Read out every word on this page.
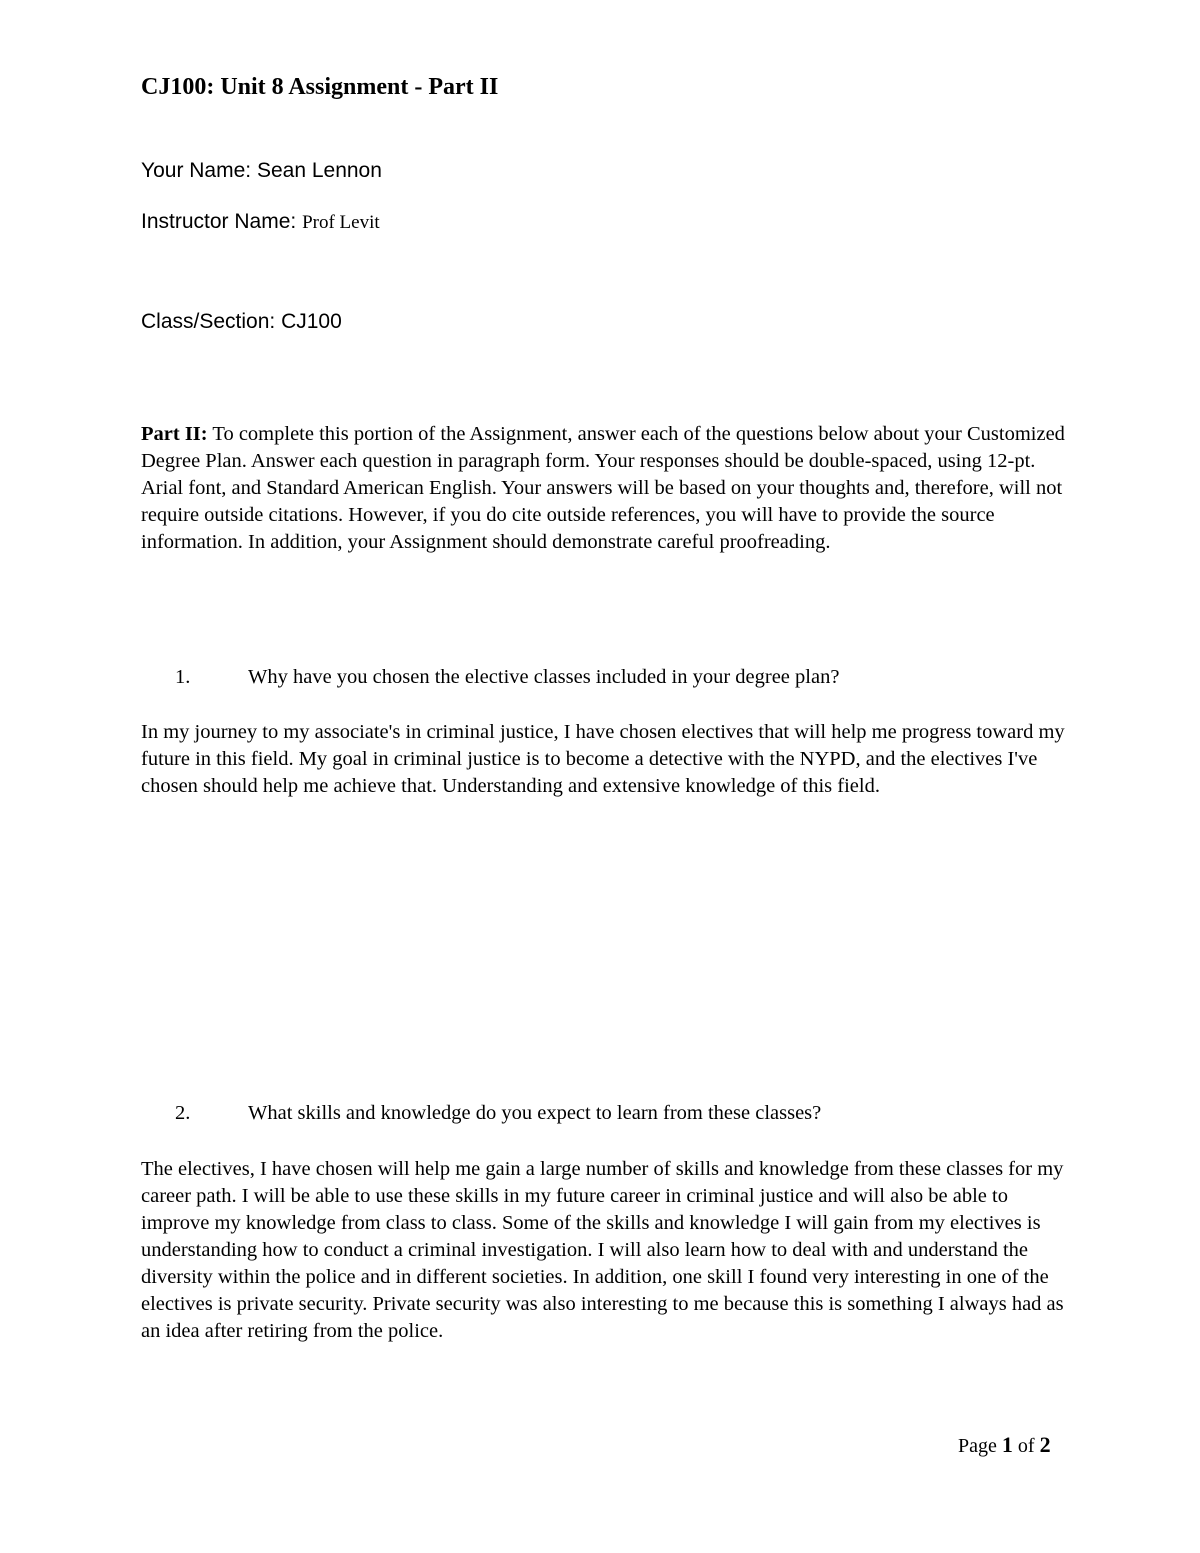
CJ100: Unit 8 Assignment - Part II
Your Name: Sean Lennon
Instructor Name: Prof Levit
Class/Section: CJ100

Part II: To complete this portion of the Assignment, answer each of the questions below about your Customized Degree Plan. Answer each question in paragraph form. Your responses should be double-spaced, using 12-pt. Arial font, and Standard American English. Your answers will be based on your thoughts and, therefore, will not require outside citations. However, if you do cite outside references, you will have to provide the source information. In addition, your Assignment should demonstrate careful proofreading.

1.	Why have you chosen the elective classes included in your degree plan?

In my journey to my associate's in criminal justice, I have chosen electives that will help me progress toward my future in this field. My goal in criminal justice is to become a detective with the NYPD, and the electives I've chosen should help me achieve that. Understanding and extensive knowledge of this field.

2.	What skills and knowledge do you expect to learn from these classes?

The electives, I have chosen will help me gain a large number of skills and knowledge from these classes for my career path. I will be able to use these skills in my future career in criminal justice and will also be able to improve my knowledge from class to class. Some of the skills and knowledge I will gain from my electives is understanding how to conduct a criminal investigation. I will also learn how to deal with and understand the diversity within the police and in different societies. In addition, one skill I found very interesting in one of the electives is private security. Private security was also interesting to me because this is something I always had as an idea after retiring from the police.

Page 1 of 2
